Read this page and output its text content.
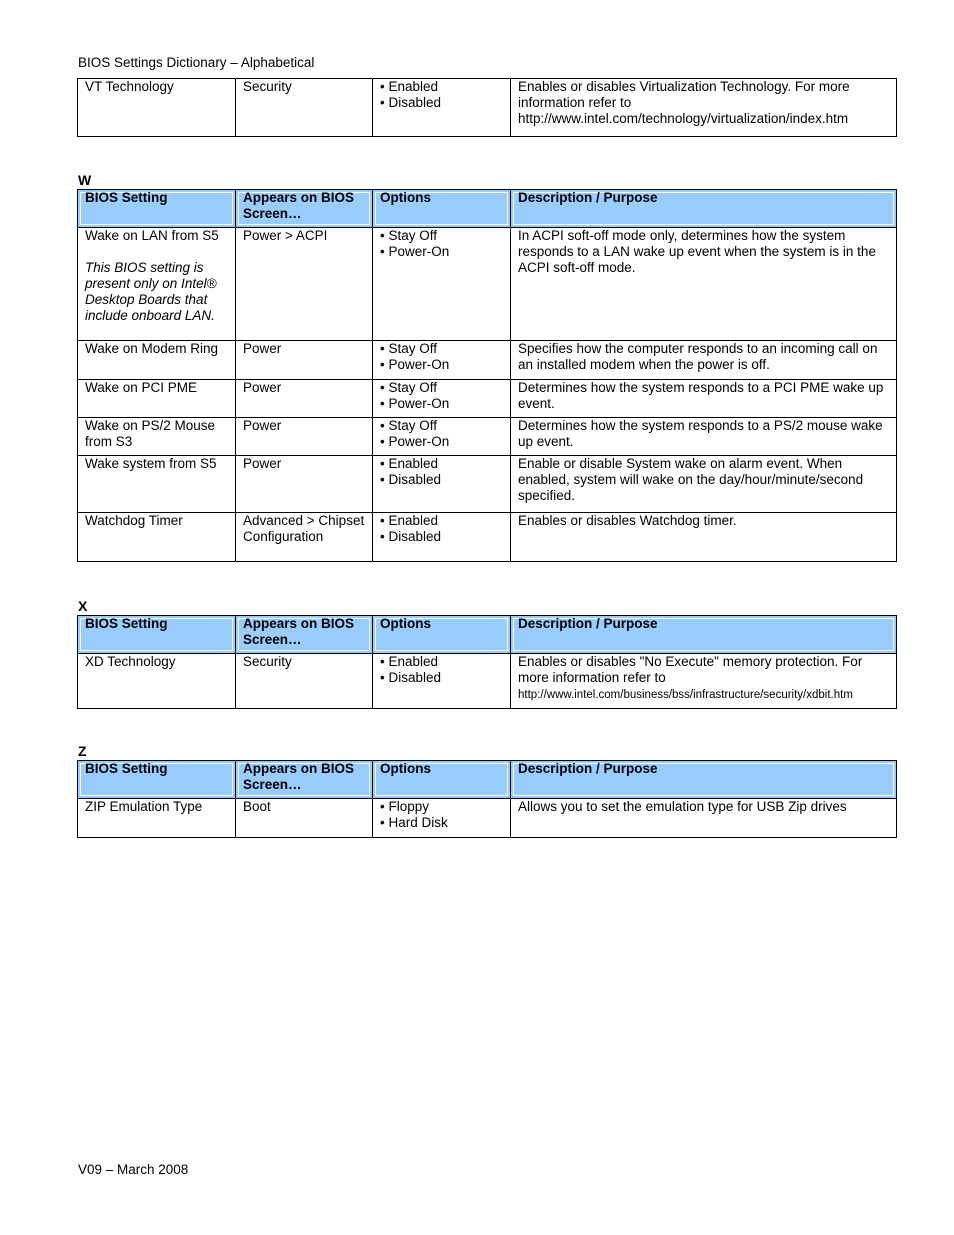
BIOS Settings Dictionary – Alphabetical
VT Technology	Security	• Enabled
• Disabled
	Enables or disables Virtualization Technology. For more information refer to
http://www.intel.com/technology/virtualization/index.htm
W
BIOS Setting	Appears on BIOS Screen…	Options	Description / Purpose
Wake on LAN from S5
This BIOS setting is present only on Intel® Desktop Boards that include onboard LAN.	Power > ACPI	• Stay Off
• Power-On	In ACPI soft-off mode only, determines how the system responds to a LAN wake up event when the system is in the ACPI soft-off mode.
Wake on Modem Ring	Power	• Stay Off
• Power-On	Specifies how the computer responds to an incoming call on an installed modem when the power is off.
Wake on PCI PME	Power	• Stay Off
• Power-On	Determines how the system responds to a PCI PME wake up event.
Wake on PS/2 Mouse from S3	Power	• Stay Off
• Power-On	Determines how the system responds to a PS/2 mouse wake up event.
Wake system from S5	Power	• Enabled
• Disabled	Enable or disable System wake on alarm event. When enabled, system will wake on the day/hour/minute/second specified.
Watchdog Timer	Advanced > Chipset Configuration	• Enabled
• Disabled	Enables or disables Watchdog timer.
X
BIOS Setting	Appears on BIOS Screen…	Options	Description / Purpose
XD Technology	Security	• Enabled
• Disabled	Enables or disables "No Execute" memory protection. For more information refer to
http://www.intel.com/business/bss/infrastructure/security/xdbit.htm
Z
BIOS Setting	Appears on BIOS Screen…	Options	Description / Purpose
ZIP Emulation Type	Boot	• Floppy
• Hard Disk	Allows you to set the emulation type for USB Zip drives
V09 – March 2008
